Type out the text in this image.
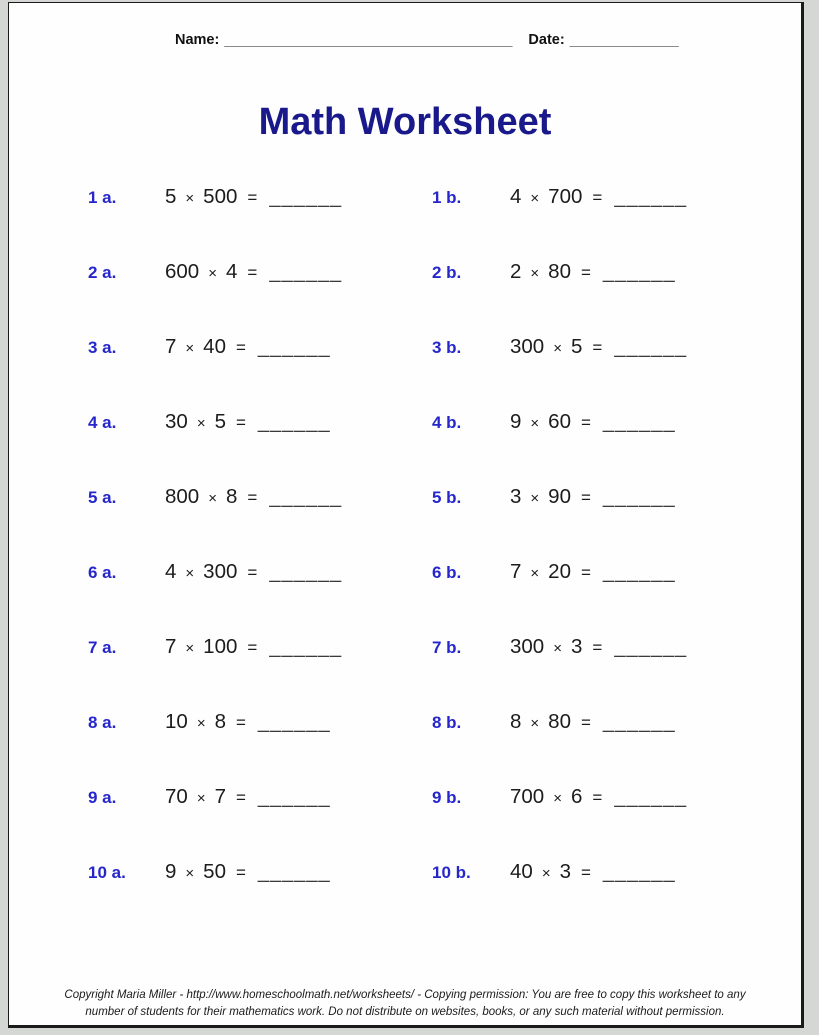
Name: _____________________________________ Date: ______________
Math Worksheet
1 a. 5 × 500 = ______	1 b. 4 × 700 = ______
2 a. 600 × 4 = ______	2 b. 2 × 80 = ______
3 a. 7 × 40 = ______	3 b. 300 × 5 = ______
4 a. 30 × 5 = ______	4 b. 9 × 60 = ______
5 a. 800 × 8 = ______	5 b. 3 × 90 = ______
6 a. 4 × 300 = ______	6 b. 7 × 20 = ______
7 a. 7 × 100 = ______	7 b. 300 × 3 = ______
8 a. 10 × 8 = ______	8 b. 8 × 80 = ______
9 a. 70 × 7 = ______	9 b. 700 × 6 = ______
10 a. 9 × 50 = ______	10 b. 40 × 3 = ______
Copyright Maria Miller - http://www.homeschoolmath.net/worksheets/ - Copying permission: You are free to copy this worksheet to any
number of students for their mathematics work. Do not distribute on websites, books, or any such material without permission.
